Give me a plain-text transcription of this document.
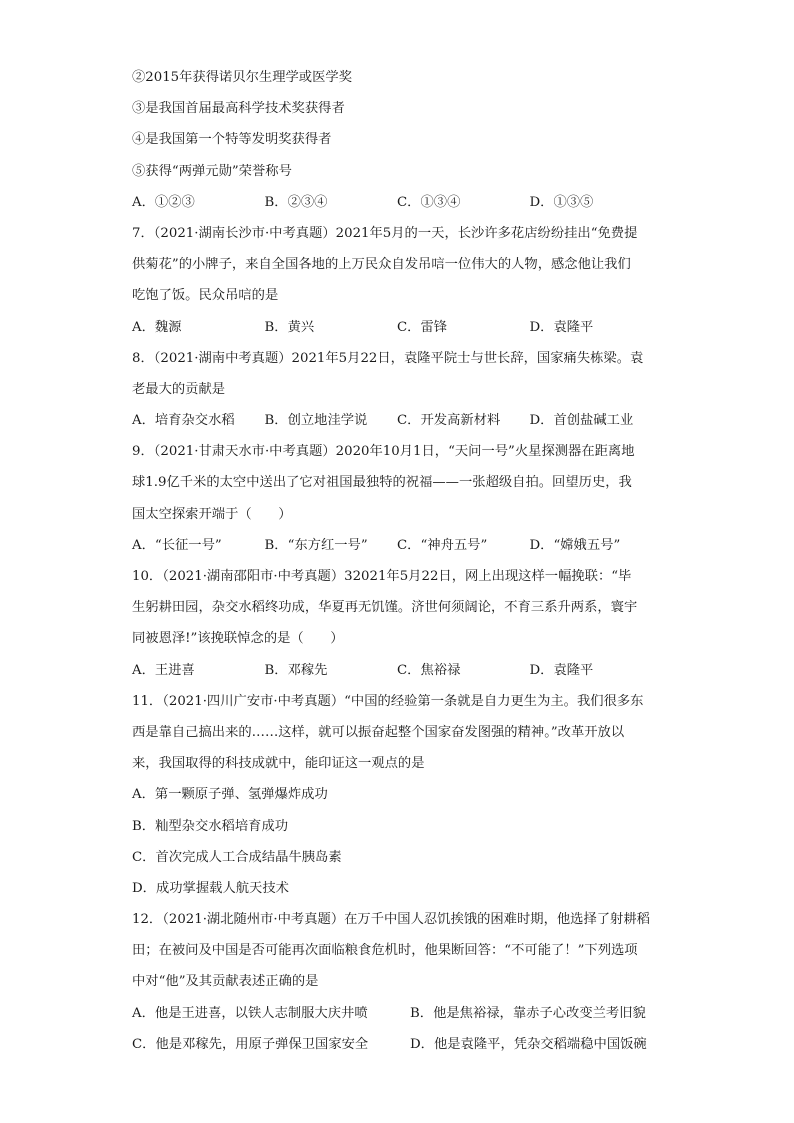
②2015年获得诺贝尔生理学或医学奖
③是我国首届最高科学技术奖获得者
④是我国第一个特等发明奖获得者
⑤获得“两弹元勋”荣誉称号
A．①②③	B．②③④	C．①③④	D．①③⑤
7．（2021·湖南长沙市·中考真题）2021年5月的一天，长沙许多花店纷纷挂出“免费提
供菊花”的小牌子，来自全国各地的上万民众自发吊唁一位伟大的人物，感念他让我们
吃饱了饭。民众吊唁的是
A．魏源	B．黄兴	C．雷锋	D．袁隆平
8．（2021·湖南中考真题）2021年5月22日，袁隆平院士与世长辞，国家痛失栋梁。袁
老最大的贡献是
A．培育杂交水稻	B．创立地洼学说	C．开发高新材料	D．首创盐碱工业
9．（2021·甘肃天水市·中考真题）2020年10月1日，“天问一号”火星探测器在距离地
球1.9亿千米的太空中送出了它对祖国最独特的祝福——一张超级自拍。回望历史，我
国太空探索开端于（　　）
A．“长征一号”	B．“东方红一号”	C．“神舟五号”	D．“嫦娥五号”
10．（2021·湖南邵阳市·中考真题）32021年5月22日，网上出现这样一幅挽联：“毕
生躬耕田园，杂交水稻终功成，华夏再无饥馑。济世何须阔论，不育三系升两系，寰宇
同被恩泽!”该挽联悼念的是（　　）
A．王进喜	B．邓稼先	C．焦裕禄	D．袁隆平
11．（2021·四川广安市·中考真题）“中国的经验第一条就是自力更生为主。我们很多东
西是靠自己搞出来的……这样，就可以振奋起整个国家奋发图强的精神。”改革开放以
来，我国取得的科技成就中，能印证这一观点的是
A．第一颗原子弹、氢弹爆炸成功
B．籼型杂交水稻培育成功
C．首次完成人工合成结晶牛胰岛素
D．成功掌握载人航天技术
12．（2021·湖北随州市·中考真题）在万千中国人忍饥挨饿的困难时期，他选择了射耕稻
田；在被问及中国是否可能再次面临粮食危机时，他果断回答：“不可能了！”下列选项
中对“他”及其贡献表述正确的是
A．他是王进喜，以铁人志制服大庆井喷	B．他是焦裕禄，靠赤子心改变兰考旧貌
C．他是邓稼先，用原子弹保卫国家安全	D．他是袁隆平，凭杂交稻端稳中国饭碗
